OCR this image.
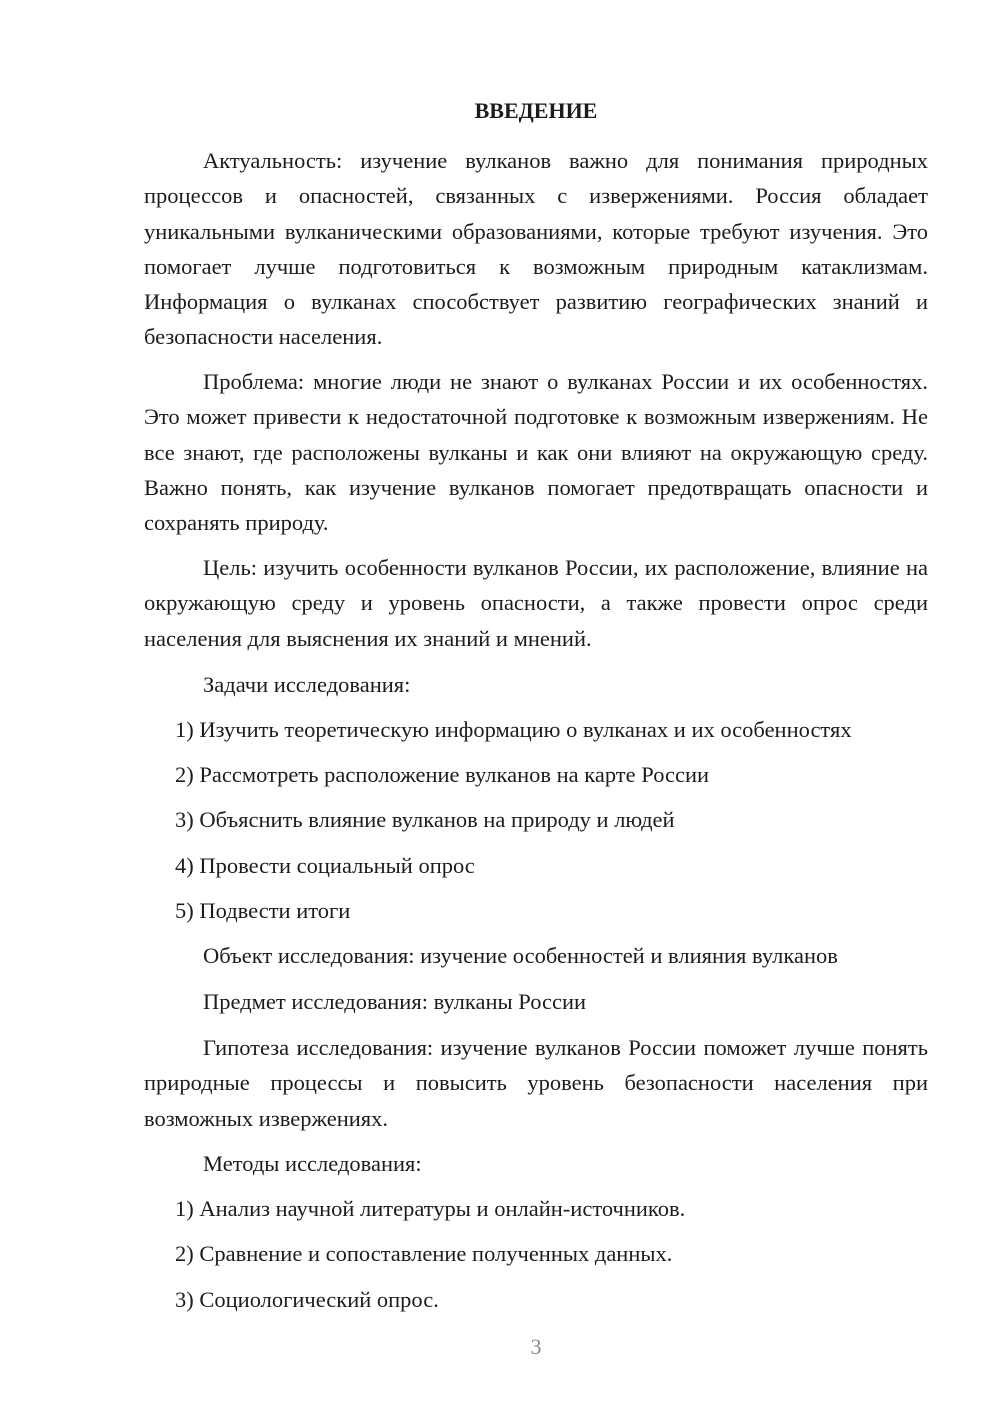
ВВЕДЕНИЕ

Актуальность: изучение вулканов важно для понимания природных процессов и опасностей, связанных с извержениями. Россия обладает уникальными вулканическими образованиями, которые требуют изучения. Это помогает лучше подготовиться к возможным природным катаклизмам. Информация о вулканах способствует развитию географических знаний и безопасности населения.

Проблема: многие люди не знают о вулканах России и их особенностях. Это может привести к недостаточной подготовке к возможным извержениям. Не все знают, где расположены вулканы и как они влияют на окружающую среду. Важно понять, как изучение вулканов помогает предотвращать опасности и сохранять природу.

Цель: изучить особенности вулканов России, их расположение, влияние на окружающую среду и уровень опасности, а также провести опрос среди населения для выяснения их знаний и мнений.

Задачи исследования:

1) Изучить теоретическую информацию о вулканах и их особенностях

2) Рассмотреть расположение вулканов на карте России

3) Объяснить влияние вулканов на природу и людей

4) Провести социальный опрос

5) Подвести итоги

Объект исследования: изучение особенностей и влияния вулканов

Предмет исследования: вулканы России

Гипотеза исследования: изучение вулканов России поможет лучше понять природные процессы и повысить уровень безопасности населения при возможных извержениях.

Методы исследования:

1) Анализ научной литературы и онлайн-источников.

2) Сравнение и сопоставление полученных данных.

3) Социологический опрос.

3
